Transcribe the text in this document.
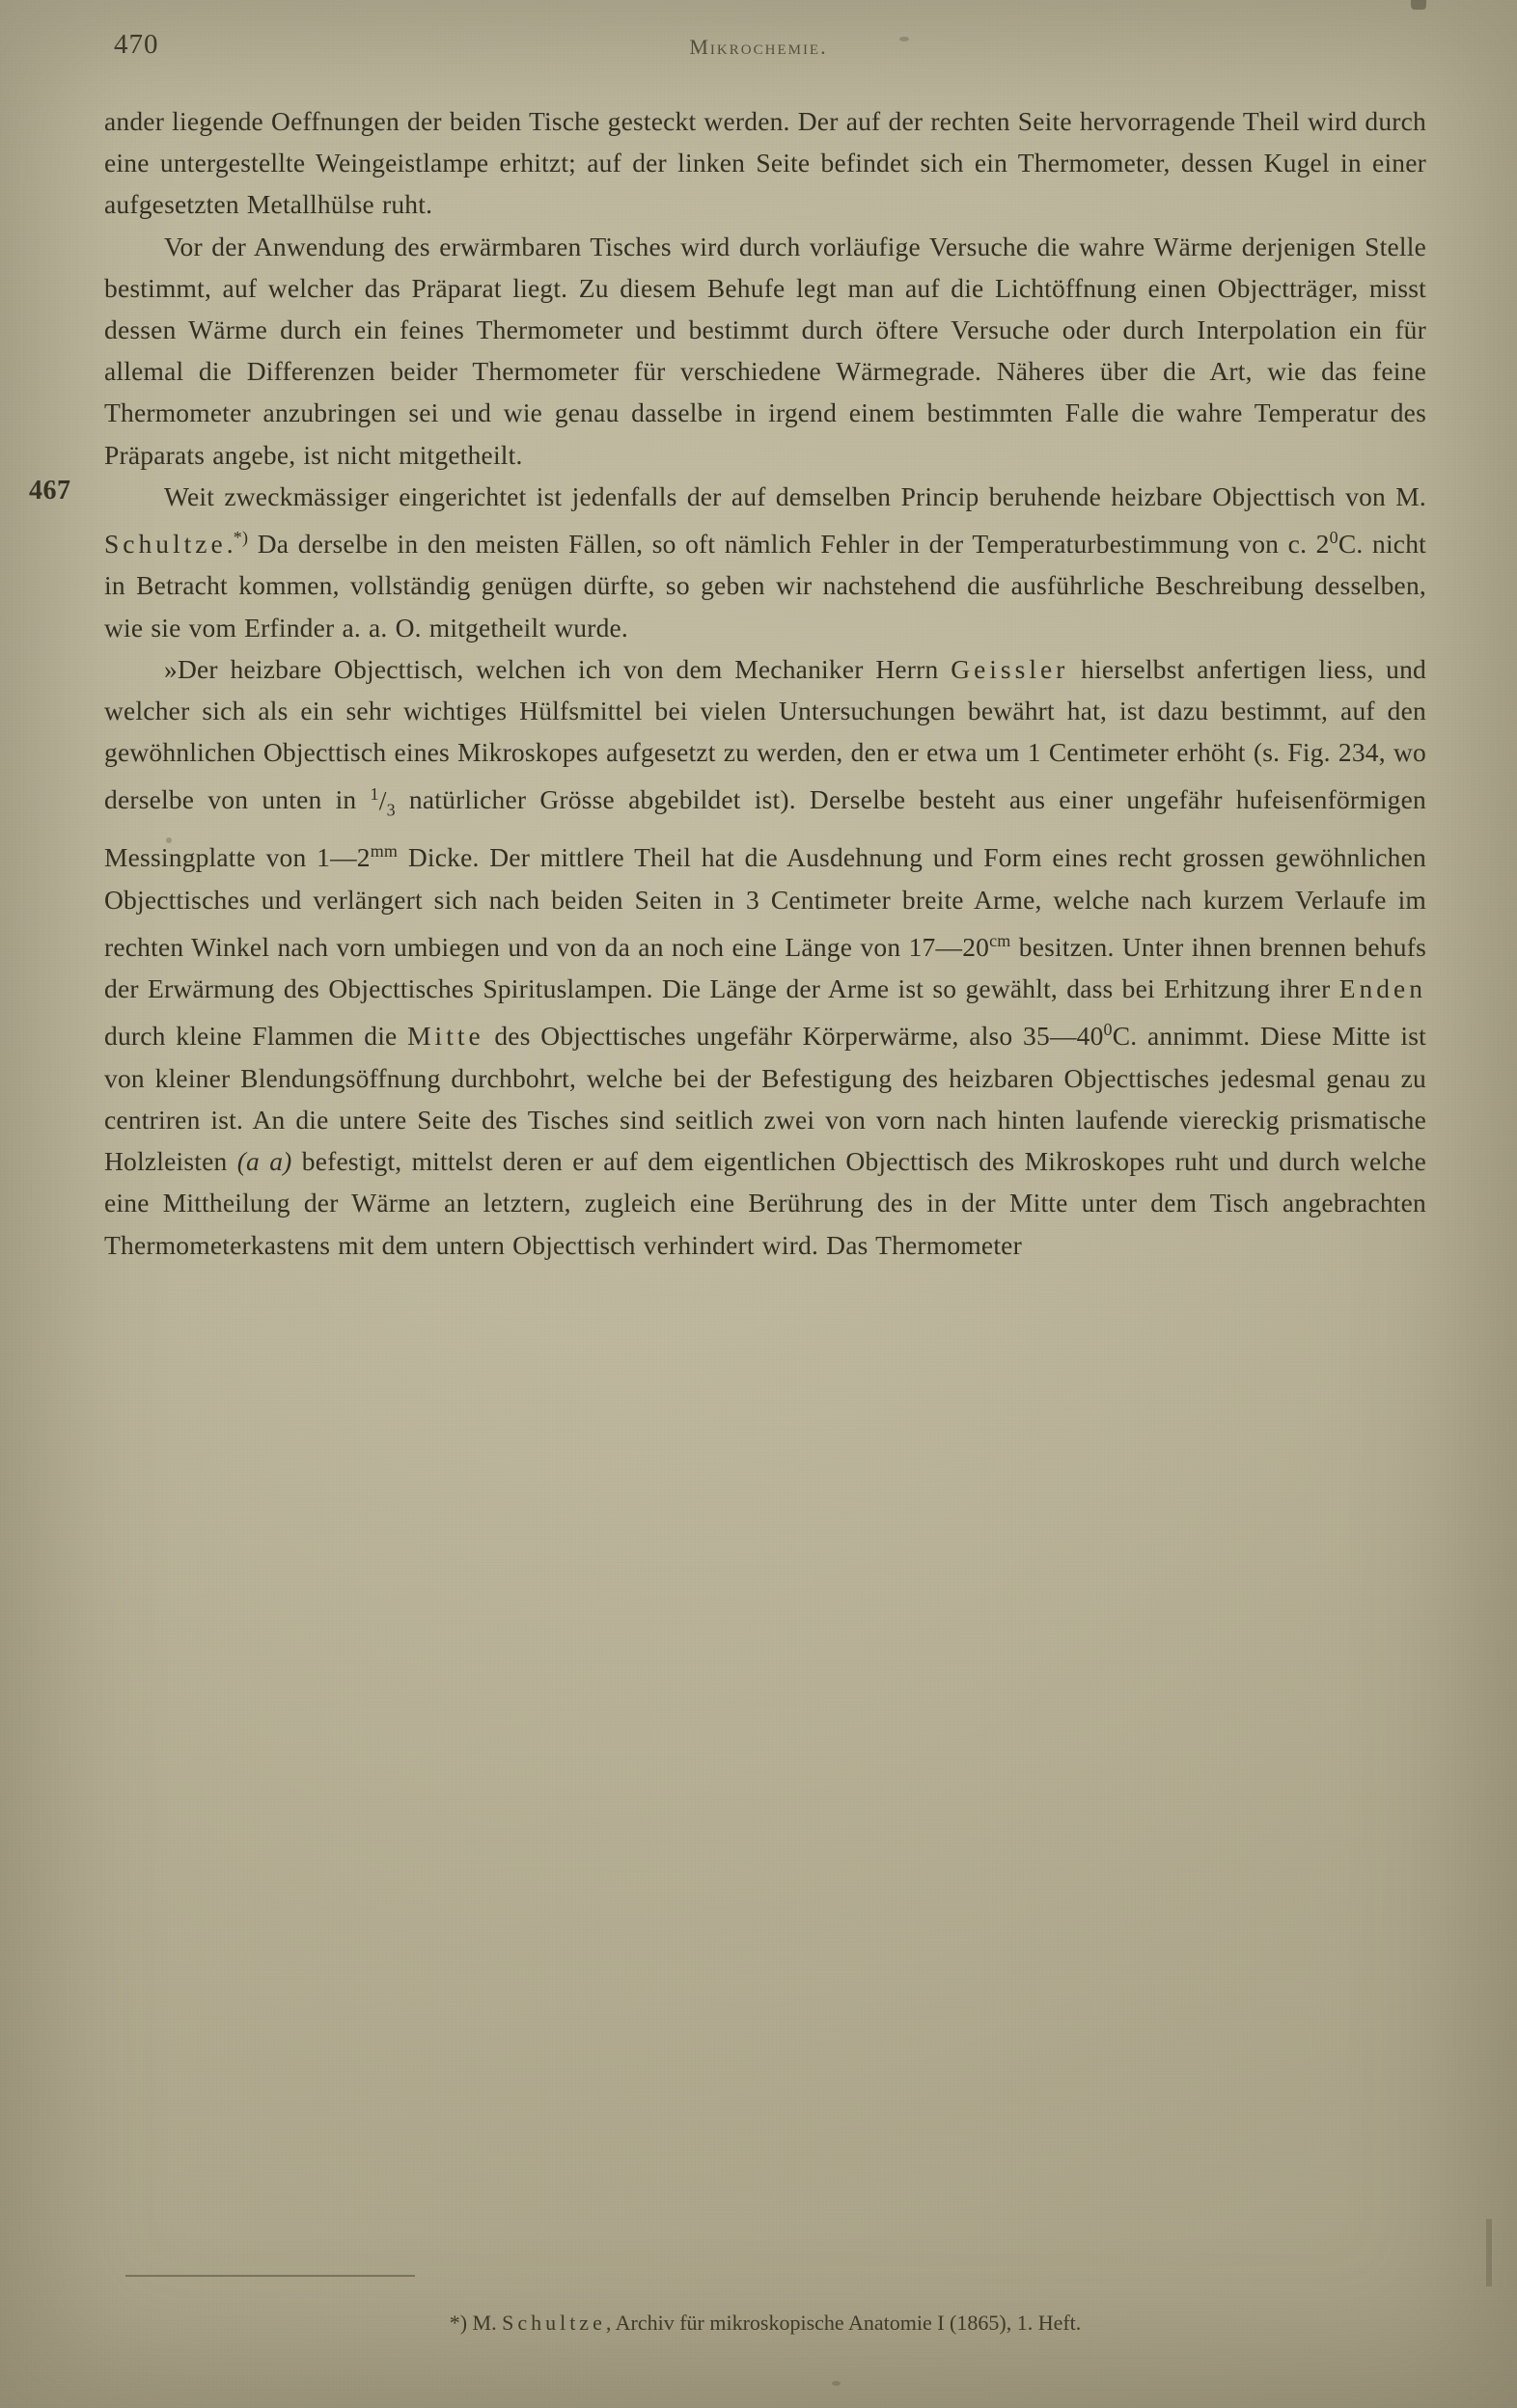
470	Mikrochemie.

ander liegende Oeffnungen der beiden Tische gesteckt werden. Der auf der rechten Seite hervorragende Theil wird durch eine untergestellte Weingeistlampe erhitzt; auf der linken Seite befindet sich ein Thermometer, dessen Kugel in einer aufgesetzten Metallhülse ruht.

Vor der Anwendung des erwärmbaren Tisches wird durch vorläufige Versuche die wahre Wärme derjenigen Stelle bestimmt, auf welcher das Präparat liegt. Zu diesem Behufe legt man auf die Lichtöffnung einen Objectträger, misst dessen Wärme durch ein feines Thermometer und bestimmt durch öftere Versuche oder durch Interpolation ein für allemal die Differenzen beider Thermometer für verschiedene Wärmegrade. Näheres über die Art, wie das feine Thermometer anzubringen sei und wie genau dasselbe in irgend einem bestimmten Falle die wahre Temperatur des Präparats angebe, ist nicht mitgetheilt.

467	Weit zweckmässiger eingerichtet ist jedenfalls der auf demselben Princip beruhende heizbare Objecttisch von M. Schultze.*) Da derselbe in den meisten Fällen, so oft nämlich Fehler in der Temperaturbestimmung von c. $2^0C$. nicht in Betracht kommen, vollständig genügen dürfte, so geben wir nachstehend die ausführliche Beschreibung desselben, wie sie vom Erfinder a. a. O. mitgetheilt wurde.

»Der heizbare Objecttisch, welchen ich von dem Mechaniker Herrn Geissler hierselbst anfertigen liess, und welcher sich als ein sehr wichtiges Hülfsmittel bei vielen Untersuchungen bewährt hat, ist dazu bestimmt, auf den gewöhnlichen Objecttisch eines Mikroskopes aufgesetzt zu werden, den er etwa um 1 Centimeter erhöht (s. Fig. 234, wo derselbe von unten in $^1/_3$ natürlicher Grösse abgebildet ist). Derselbe besteht aus einer ungefähr hufeisenförmigen Messingplatte von $1—2^{mm}$ Dicke. Der mittlere Theil hat die Ausdehnung und Form eines recht grossen gewöhnlichen Objecttisches und verlängert sich nach beiden Seiten in 3 Centimeter breite Arme, welche nach kurzem Verlaufe im rechten Winkel nach vorn umbiegen und von da an noch eine Länge von $17—20^{cm}$ besitzen. Unter ihnen brennen behufs der Erwärmung des Objecttisches Spirituslampen. Die Länge der Arme ist so gewählt, dass bei Erhitzung ihrer Enden durch kleine Flammen die Mitte des Objecttisches ungefähr Körperwärme, also $35—40^0C$. annimmt. Diese Mitte ist von kleiner Blendungsöffnung durchbohrt, welche bei der Befestigung des heizbaren Objecttisches jedesmal genau zu centriren ist. An die untere Seite des Tisches sind seitlich zwei von vorn nach hinten laufende viereckig prismatische Holzleisten (a a) befestigt, mittelst deren er auf dem eigentlichen Objecttisch des Mikroskopes ruht und durch welche eine Mittheilung der Wärme an letztern, zugleich eine Berührung des in der Mitte unter dem Tisch angebrachten Thermometerkastens mit dem untern Objecttisch verhindert wird. Das Thermometer

*) M. Schultze, Archiv für mikroskopische Anatomie I (1865), 1. Heft.
